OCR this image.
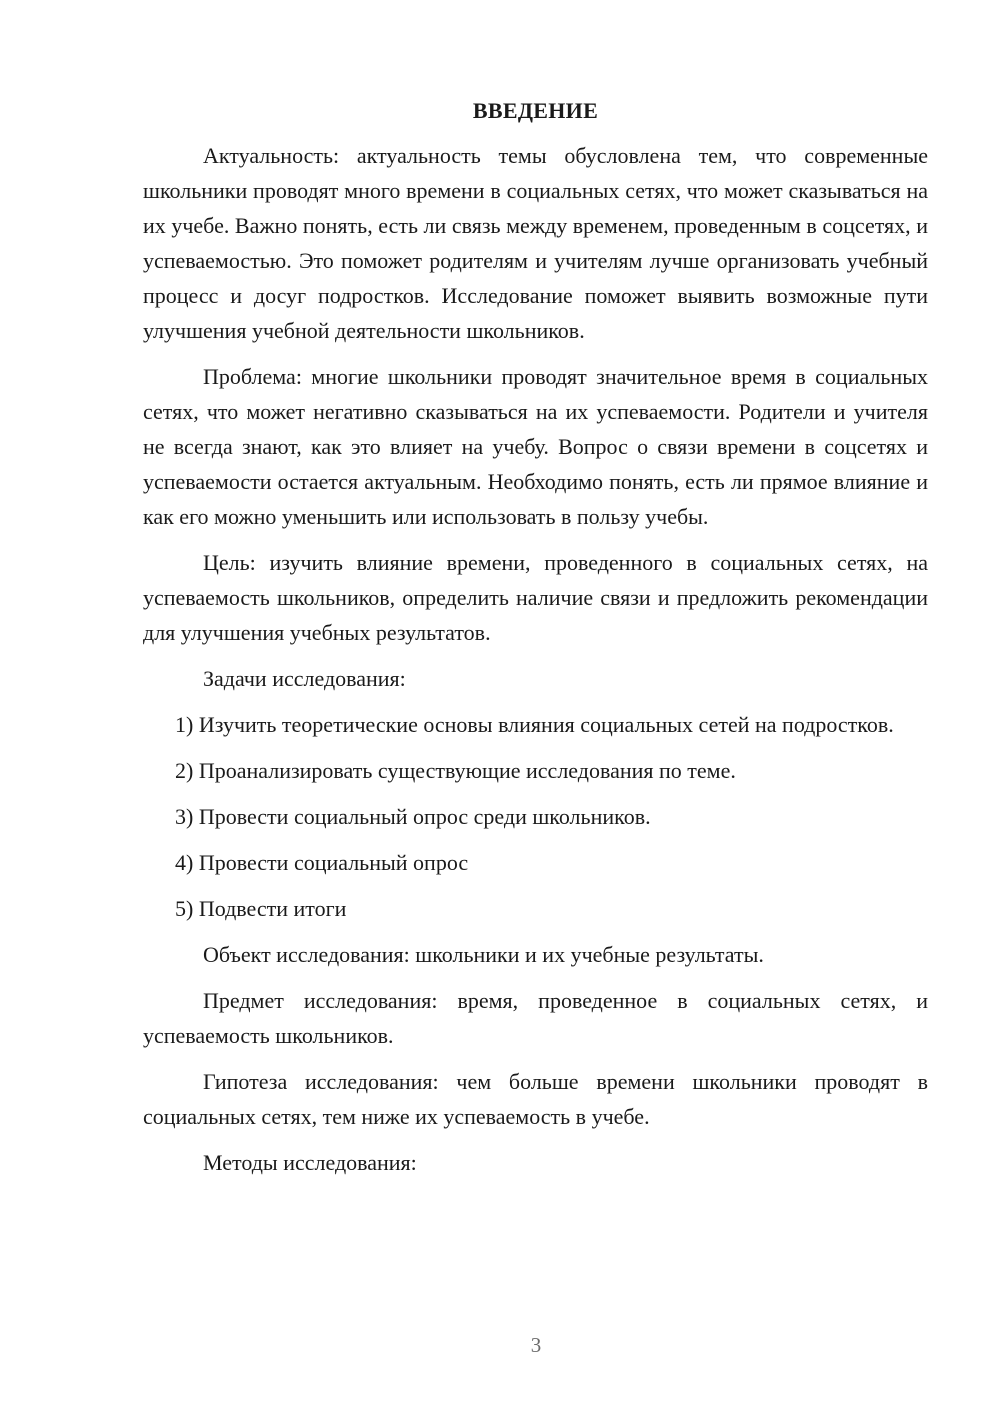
ВВЕДЕНИЕ

Актуальность: актуальность темы обусловлена тем, что современные школьники проводят много времени в социальных сетях, что может сказываться на их учебе. Важно понять, есть ли связь между временем, проведенным в соцсетях, и успеваемостью. Это поможет родителям и учителям лучше организовать учебный процесс и досуг подростков. Исследование поможет выявить возможные пути улучшения учебной деятельности школьников.

Проблема: многие школьники проводят значительное время в социальных сетях, что может негативно сказываться на их успеваемости. Родители и учителя не всегда знают, как это влияет на учебу. Вопрос о связи времени в соцсетях и успеваемости остается актуальным. Необходимо понять, есть ли прямое влияние и как его можно уменьшить или использовать в пользу учебы.

Цель: изучить влияние времени, проведенного в социальных сетях, на успеваемость школьников, определить наличие связи и предложить рекомендации для улучшения учебных результатов.

Задачи исследования:

1) Изучить теоретические основы влияния социальных сетей на подростков.

2) Проанализировать существующие исследования по теме.

3) Провести социальный опрос среди школьников.

4) Провести социальный опрос

5) Подвести итоги

Объект исследования: школьники и их учебные результаты.

Предмет исследования: время, проведенное в социальных сетях, и успеваемость школьников.

Гипотеза исследования: чем больше времени школьники проводят в социальных сетях, тем ниже их успеваемость в учебе.

Методы исследования:

3
